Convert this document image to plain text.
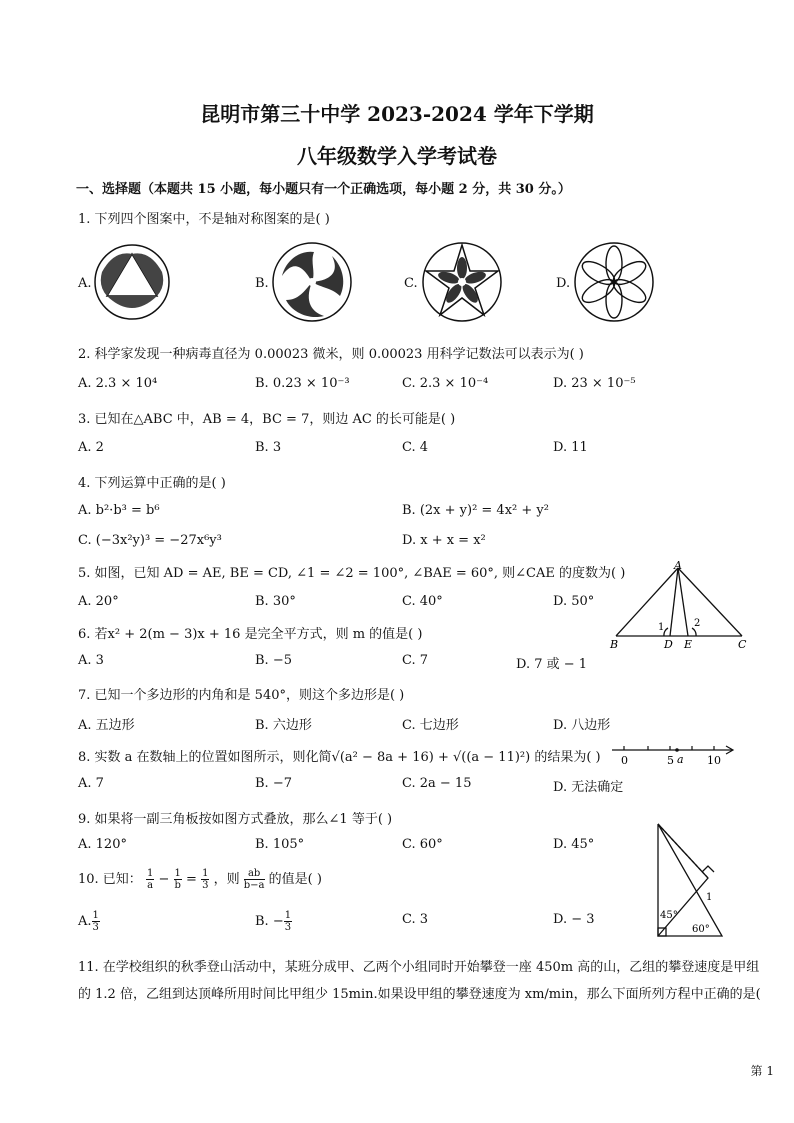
昆明市第三十中学 2023-2024 学年下学期
八年级数学入学考试卷
一、选择题（本题共 15 小题，每小题只有一个正确选项，每小题 2 分，共 30 分。）
1. 下列四个图案中，不是轴对称图案的是( )
A.	B.	C.	D.
2. 科学家发现一种病毒直径为 0.00023 微米，则 0.00023 用科学记数法可以表示为( )
A. 2.3 × 10⁴	B. 0.23 × 10⁻³	C. 2.3 × 10⁻⁴	D. 23 × 10⁻⁵
3. 已知在△ABC 中，AB = 4，BC = 7，则边 AC 的长可能是( )
A. 2	B. 3	C. 4	D. 11
4. 下列运算中正确的是( )
A. b²·b³ = b⁶	B. (2x + y)² = 4x² + y²
C. (−3x²y)³ = −27x⁶y³	D. x + x = x²
5. 如图，已知 AD = AE, BE = CD, ∠1 = ∠2 = 100°, ∠BAE = 60°, 则∠CAE 的度数为( )
A. 20°	B. 30°	C. 40°	D. 50°
A
B	C
D E
1	2
6. 若x² + 2(m − 3)x + 16 是完全平方式，则 m 的值是( )
A. 3	B. −5	C. 7	D. 7 或 − 1
7. 已知一个多边形的内角和是 540°，则这个多边形是( )
A. 五边形	B. 六边形	C. 七边形	D. 八边形
8. 实数 a 在数轴上的位置如图所示，则化简√(a² − 8a + 16) + √((a − 11)²) 的结果为( )
A. 7	B. −7	C. 2a − 15	D. 无法确定
0	5 a 10
9. 如果将一副三角板按如图方式叠放，那么∠1 等于( )
A. 120°	B. 105°	C. 60°	D. 45°
45°
60°
1
10. 已知： $\frac{1}{a} - \frac{1}{b} = \frac{1}{3}$ ，则 $\frac{ab}{b-a}$ 的值是( )
A. $\frac{1}{3}$	B. − $\frac{1}{3}$	C. 3	D. − 3
11. 在学校组织的秋季登山活动中，某班分成甲、乙两个小组同时开始攀登一座 450m 高的山，乙组的攀登速度是甲组
的 1.2 倍，乙组到达顶峰所用时间比甲组少 15min.如果设甲组的攀登速度为 xm/min，那么下面所列方程中正确的是(
第 1
